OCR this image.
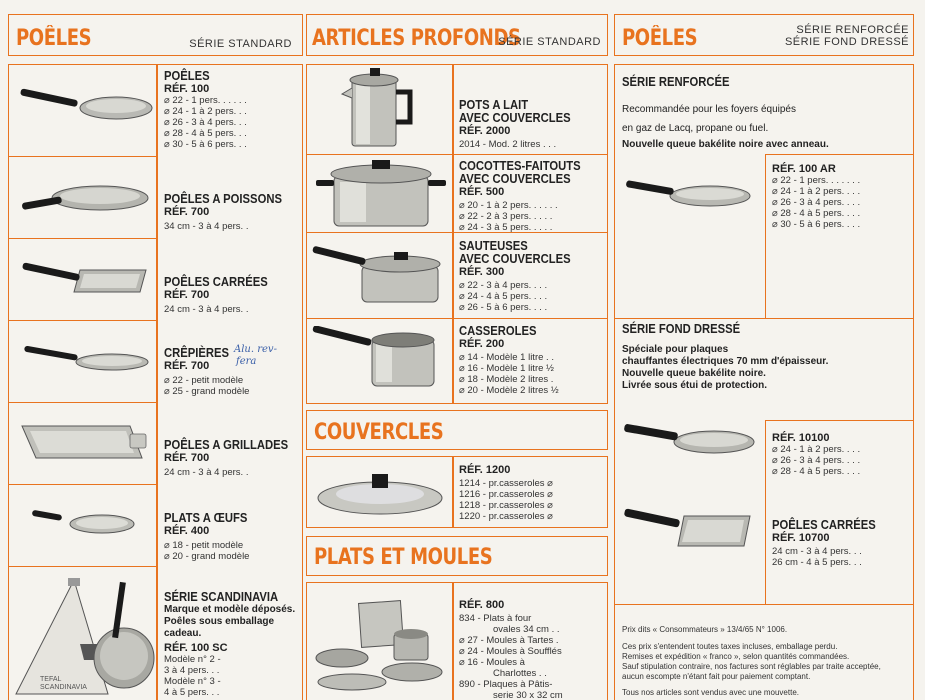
POÊLES	SÉRIE STANDARD ARTICLES PROFONDS
SÉRIE STANDARD POÊLES	SÉRIE RENFORCÉE
SÉRIE FOND DRESSÉ
TEFAL SCANDINAVIA
POÊLES
RÉF. 100
⌀ 22 - 1 pers. . . . . .
⌀ 24 - 1 à 2 pers. . .
⌀ 26 - 3 à 4 pers. . .
⌀ 28 - 4 à 5 pers. . .
⌀ 30 - 5 à 6 pers. . .
POÊLES A POISSONS
RÉF. 700
34 cm - 3 à 4 pers. .
POÊLES CARRÉES
RÉF. 700
24 cm - 3 à 4 pers. .
CRÊPIÈRES
RÉF. 700
⌀ 22 - petit modèle
⌀ 25 - grand modèle
Alu. rev-
fera
POÊLES A GRILLADES
RÉF. 700
24 cm - 3 à 4 pers. .
PLATS A ŒUFS
RÉF. 400
⌀ 18 - petit modèle
⌀ 20 - grand modèle
SÉRIE SCANDINAVIA
Marque et modèle déposés.
Poêles sous emballage
cadeau.
RÉF. 100 SC
Modèle n° 2 -
3 à 4 pers. . .
Modèle n° 3 -
4 à 5 pers. . .
POTS A LAIT
AVEC COUVERCLES
RÉF. 2000
2014 - Mod. 2 litres . . .
COCOTTES-FAITOUTS
AVEC COUVERCLES
RÉF. 500
⌀ 20 - 1 à 2 pers. . . . . .
⌀ 22 - 2 à 3 pers. . . . .
⌀ 24 - 3 à 5 pers. . . . .
SAUTEUSES
AVEC COUVERCLES
RÉF. 300
⌀ 22 - 3 à 4 pers. . . .
⌀ 24 - 4 à 5 pers. . . .
⌀ 26 - 5 à 6 pers. . . .
CASSEROLES
RÉF. 200
⌀ 14 - Modèle 1 litre . .
⌀ 16 - Modèle 1 litre ½
⌀ 18 - Modèle 2 litres .
⌀ 20 - Modèle 2 litres ½
COUVERCLES
RÉF. 1200
1214 - pr.casseroles ⌀
1216 - pr.casseroles ⌀
1218 - pr.casseroles ⌀
1220 - pr.casseroles ⌀
PLATS ET MOULES
RÉF. 800
834 - Plats à four
ovales 34 cm . .
⌀ 27 - Moules à Tartes .
⌀ 24 - Moules à Soufflés
⌀ 16 - Moules à
Charlottes . .
890 - Plaques à Pâtis-
serie 30 x 32 cm
SÉRIE RENFORCÉE
Recommandée pour les foyers équipés
en gaz de Lacq, propane ou fuel.
Nouvelle queue bakélite noire avec anneau.
RÉF. 100 AR
⌀ 22 - 1 pers. . . . . . .
⌀ 24 - 1 à 2 pers. . . .
⌀ 26 - 3 à 4 pers. . . .
⌀ 28 - 4 à 5 pers. . . .
⌀ 30 - 5 à 6 pers. . . .
SÉRIE FOND DRESSÉ
Spéciale pour plaques
chauffantes électriques 70 mm d'épaisseur.
Nouvelle queue bakélite noire.
Livrée sous étui de protection.
RÉF. 10100
⌀ 24 - 1 à 2 pers. . . .
⌀ 26 - 3 à 4 pers. . . .
⌀ 28 - 4 à 5 pers. . . .
POÊLES CARRÉES
RÉF. 10700
24 cm - 3 à 4 pers. . .
26 cm - 4 à 5 pers. . .
Prix dits « Consommateurs » 13/4/65 N° 1006.
Ces prix s'entendent toutes taxes incluses, emballage perdu.
Remises et expédition « franco », selon quantités commandées.
Sauf stipulation contraire, nos factures sont réglables par traite acceptée,
aucun escompte n'étant fait pour paiement comptant.
Tous nos articles sont vendus avec une mouvette.
